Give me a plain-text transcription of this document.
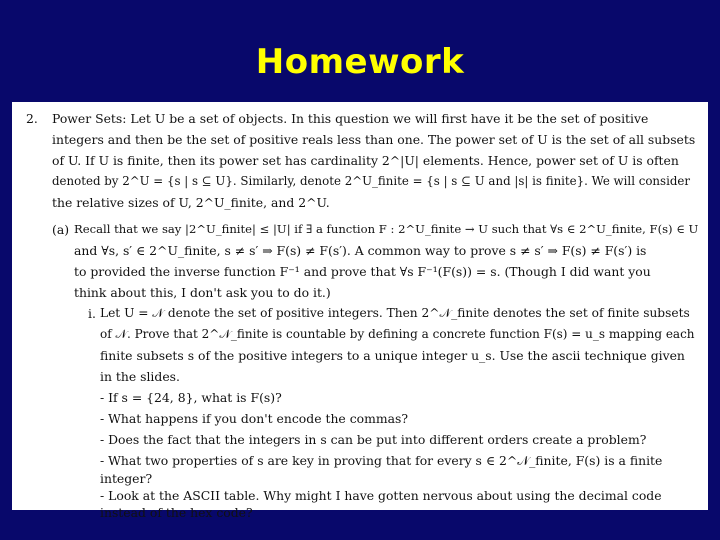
Homework
2. Power Sets: Let U be a set of objects. In this question we will first have it be the set of positive
integers and then be the set of positive reals less than one. The power set of U is the set of all subsets
of U. If U is finite, then its power set has cardinality 2^|U| elements. Hence, power set of U is often
denoted by 2^U = {s | s ⊆ U}. Similarly, denote 2^U_finite = {s | s ⊆ U and |s| is finite}. We will consider
the relative sizes of U, 2^U_finite, and 2^U.
(a) Recall that we say |2^U_finite| ≤ |U| if ∃ a function F : 2^U_finite → U such that ∀s ∈ 2^U_finite, F(s) ∈ U
and ∀s, s′ ∈ 2^U_finite, s ≠ s′ ⇒ F(s) ≠ F(s′). A common way to prove s ≠ s′ ⇒ F(s) ≠ F(s′) is
to provided the inverse function F⁻¹ and prove that ∀s F⁻¹(F(s)) = s. (Though I did want you
think about this, I don't ask you to do it.)
i. Let U = 𝒩 denote the set of positive integers. Then 2^𝒩_finite denotes the set of finite subsets
of 𝒩. Prove that 2^𝒩_finite is countable by defining a concrete function F(s) = u_s mapping each
finite subsets s of the positive integers to a unique integer u_s. Use the ascii technique given
in the slides.
- If s = {24, 8}, what is F(s)?
- What happens if you don't encode the commas?
- Does the fact that the integers in s can be put into different orders create a problem?
- What two properties of s are key in proving that for every s ∈ 2^𝒩_finite, F(s) is a finite
integer?
- Look at the ASCII table. Why might I have gotten nervous about using the decimal code
instead of the hex code?
